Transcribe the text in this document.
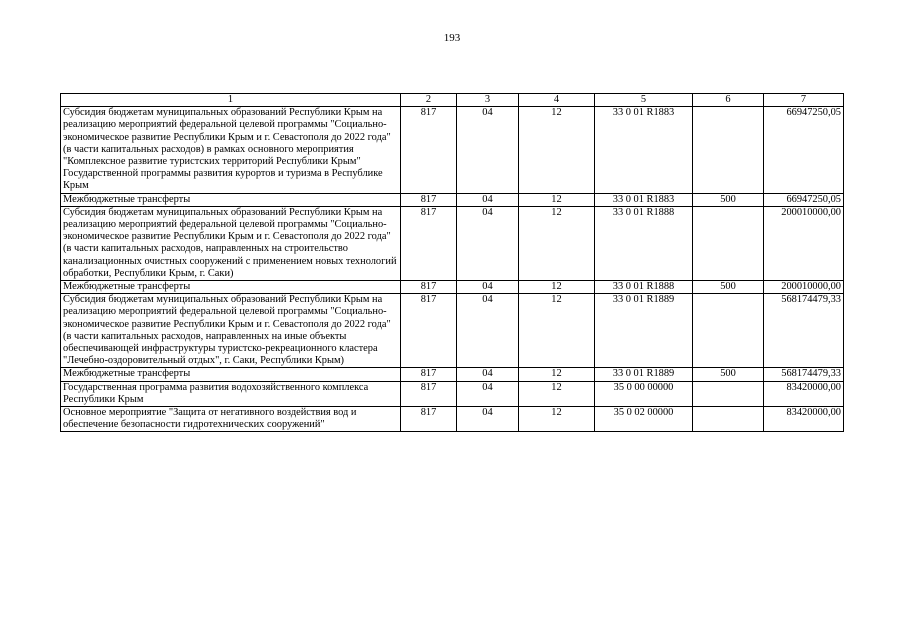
193
1	2	3	4	5	6	7
Субсидия бюджетам муниципальных образований Республики Крым на реализацию мероприятий федеральной целевой программы "Социально-экономическое развитие Республики Крым и г. Севастополя до 2022 года" (в части капитальных расходов) в рамках основного мероприятия "Комплексное развитие туристских территорий Республики Крым" Государственной программы развития курортов и туризма в Республике Крым	817	04	12	33 0 01 R1883		66947250,05
Межбюджетные трансферты	817	04	12	33 0 01 R1883	500	66947250,05
Субсидия бюджетам муниципальных образований Республики Крым на реализацию мероприятий федеральной целевой программы "Социально-экономическое развитие Республики Крым и г. Севастополя до 2022 года" (в части капитальных расходов, направленных на строительство канализационных очистных сооружений с применением новых технологий обработки, Республики Крым, г. Саки)	817	04	12	33 0 01 R1888		200010000,00
Межбюджетные трансферты	817	04	12	33 0 01 R1888	500	200010000,00
Субсидия бюджетам муниципальных образований Республики Крым на реализацию мероприятий федеральной целевой программы "Социально-экономическое развитие Республики Крым и г. Севастополя до 2022 года" (в части капитальных расходов, направленных на иные объекты обеспечивающей инфраструктуры туристско-рекреационного кластера "Лечебно-оздоровительный отдых", г. Саки, Республики Крым)	817	04	12	33 0 01 R1889		568174479,33
Межбюджетные трансферты	817	04	12	33 0 01 R1889	500	568174479,33
Государственная программа развития водохозяйственного комплекса Республики Крым	817	04	12	35 0 00 00000		83420000,00
Основное мероприятие "Защита от негативного воздействия вод и обеспечение безопасности гидротехнических сооружений"	817	04	12	35 0 02 00000		83420000,00
